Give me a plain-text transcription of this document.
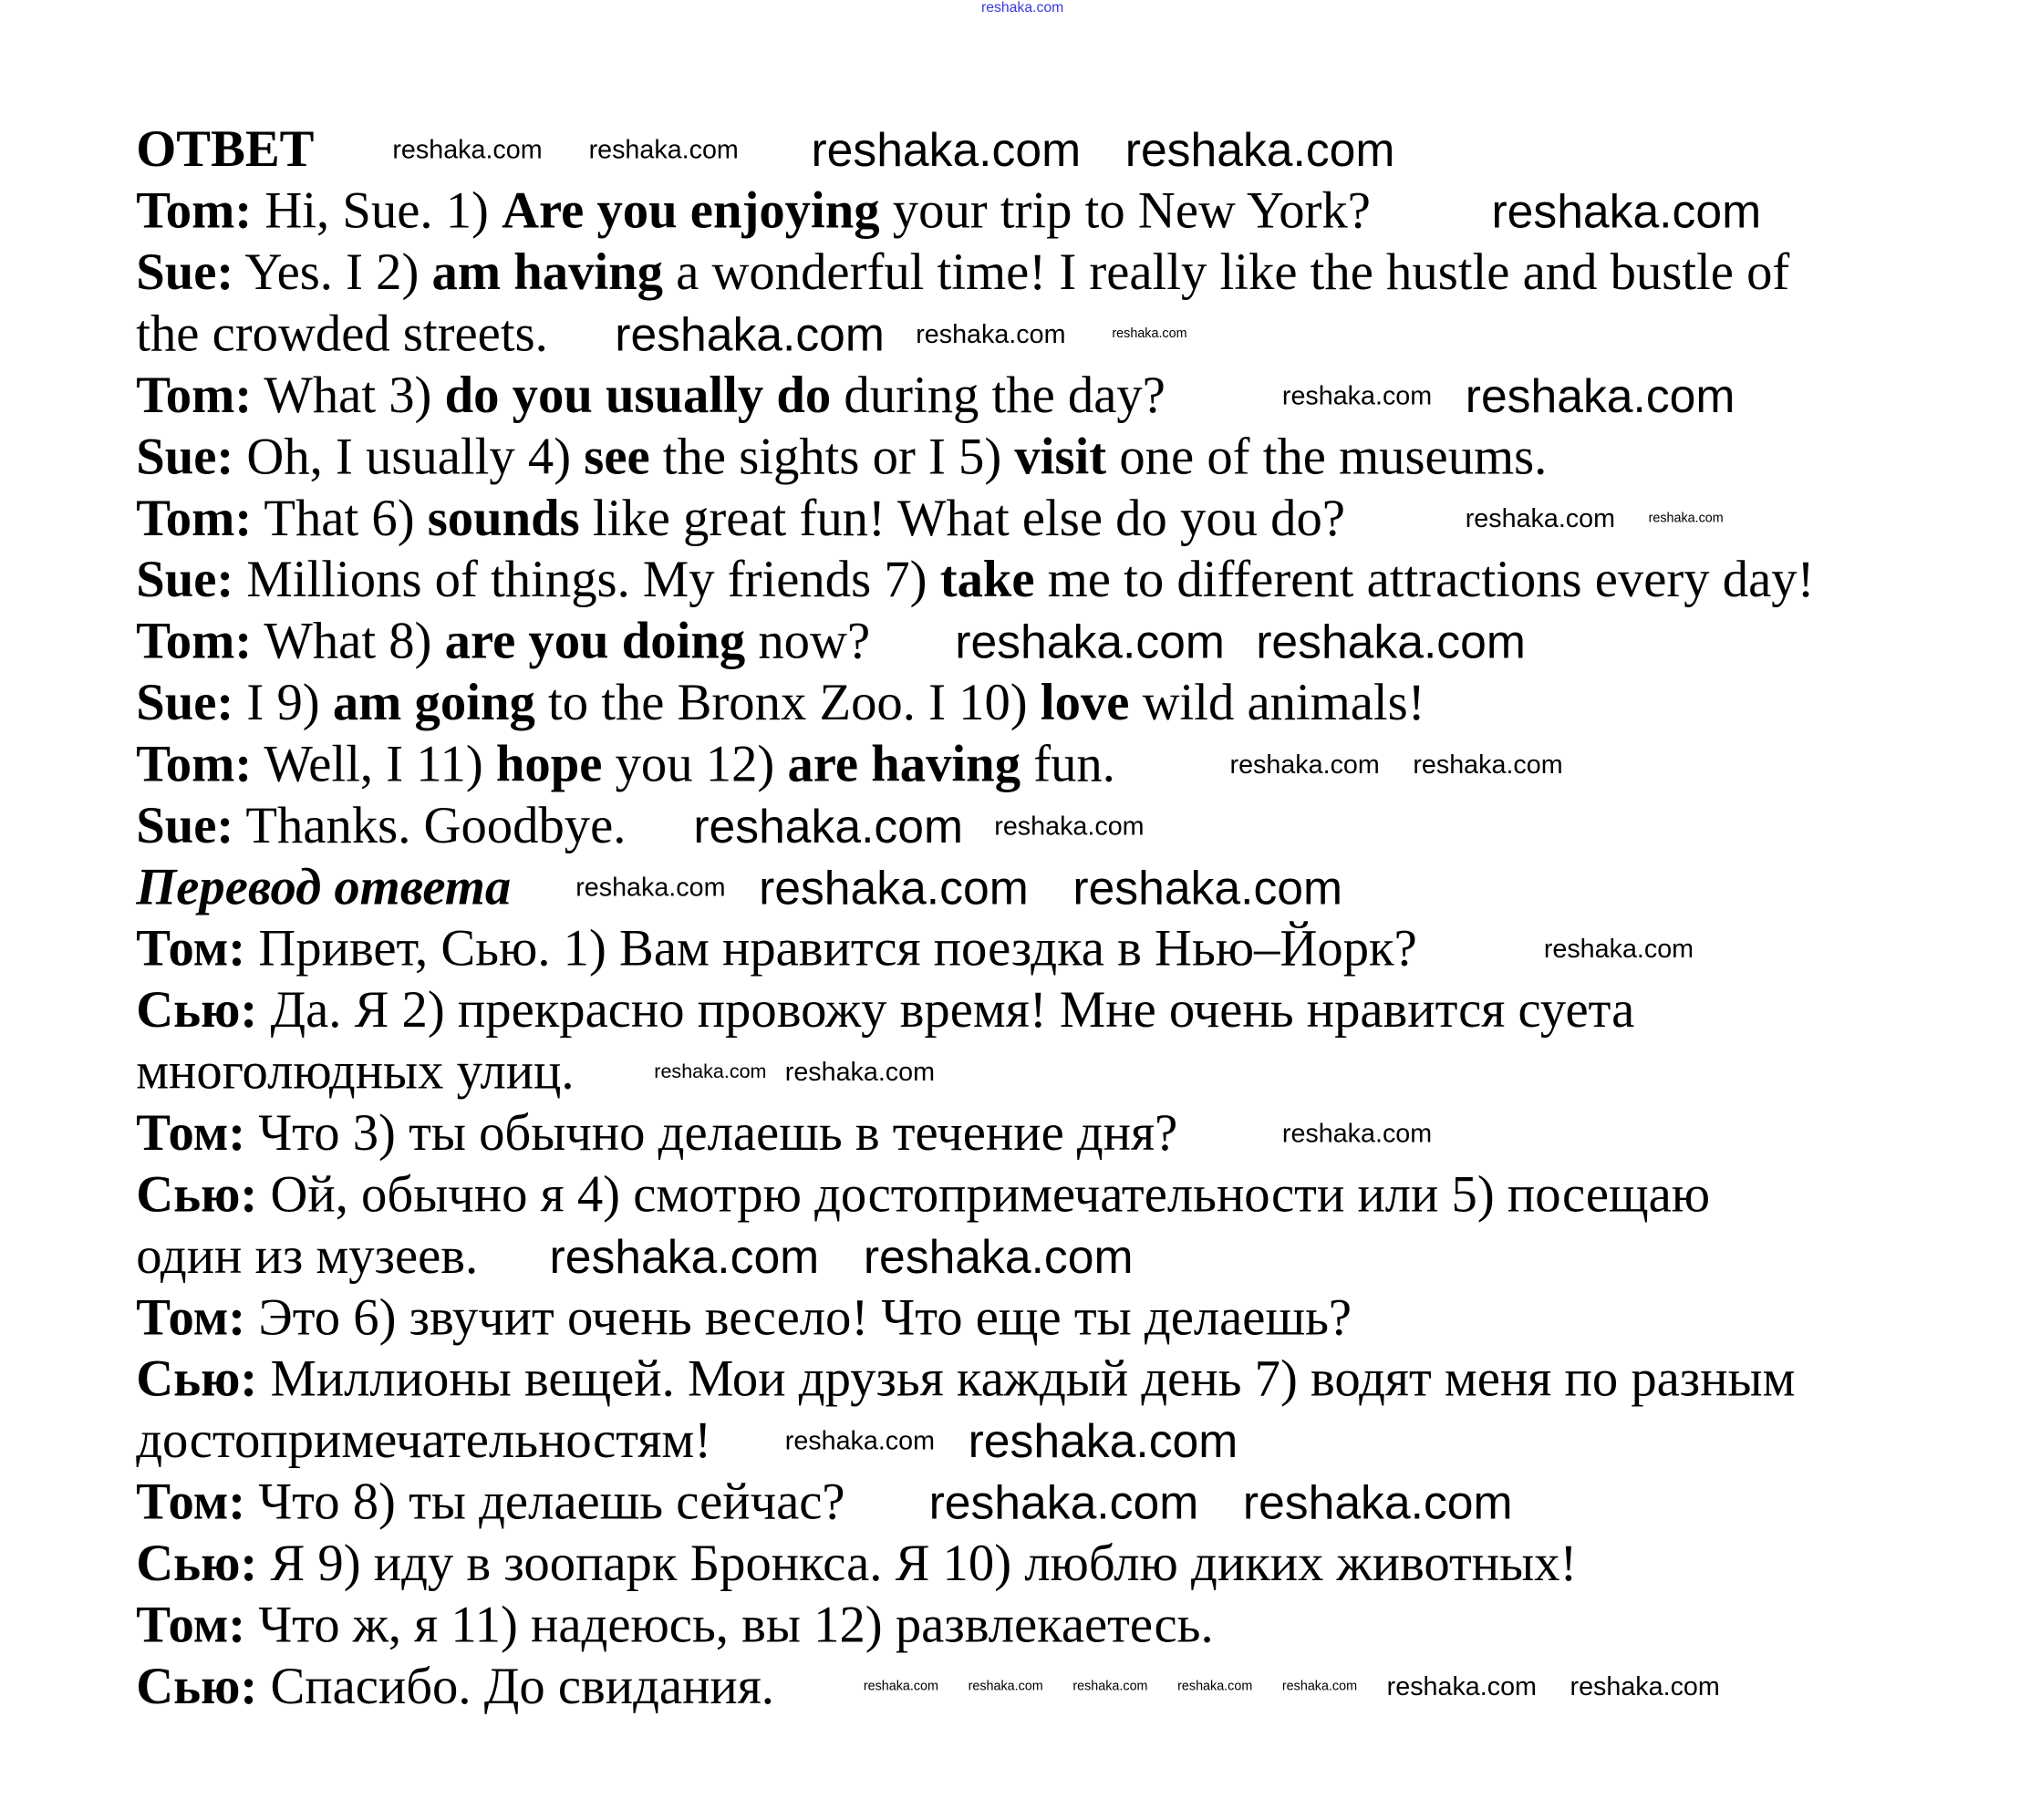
reshaka.com
ОТВЕТ
Tom: Hi, Sue. 1) Are you enjoying your trip to New York?
Sue: Yes. I 2) am having a wonderful time! I really like the hustle and bustle of
the crowded streets.
Tom: What 3) do you usually do during the day?
Sue: Oh, I usually 4) see the sights or I 5) visit one of the museums.
Tom: That 6) sounds like great fun! What else do you do?
Sue: Millions of things. My friends 7) take me to different attractions every day!
Tom: What 8) are you doing now?
Sue: I 9) am going to the Bronx Zoo. I 10) love wild animals!
Tom: Well, I 11) hope you 12) are having fun.
Sue: Thanks. Goodbye.
Перевод ответа
Том: Привет, Сью. 1) Вам нравится поездка в Нью–Йорк?
Сью: Да. Я 2) прекрасно провожу время! Мне очень нравится суета
многолюдных улиц.
Том: Что 3) ты обычно делаешь в течение дня?
Сью: Ой, обычно я 4) смотрю достопримечательности или 5) посещаю
один из музеев.
Том: Это 6) звучит очень весело! Что еще ты делаешь?
Сью: Миллионы вещей. Мои друзья каждый день 7) водят меня по разным
достопримечательностям!
Том: Что 8) ты делаешь сейчас?
Сью: Я 9) иду в зоопарк Бронкса. Я 10) люблю диких животных!
Том: Что ж, я 11) надеюсь, вы 12) развлекаетесь.
Сью: Спасибо. До свидания.
reshaka.com	reshaka.com reshaka.com reshaka.com
reshaka.com
reshaka.com reshaka.com	reshaka.com
reshaka.com reshaka.com
reshaka.com	reshaka.com
reshaka.com reshaka.com
reshaka.com reshaka.com
reshaka.com reshaka.com
reshaka.com reshaka.com reshaka.com
reshaka.com
reshaka.com reshaka.com
reshaka.com
reshaka.com reshaka.com
reshaka.com reshaka.com
reshaka.com reshaka.com
reshaka.com	reshaka.com	reshaka.com	reshaka.com	reshaka.com reshaka.com reshaka.com
